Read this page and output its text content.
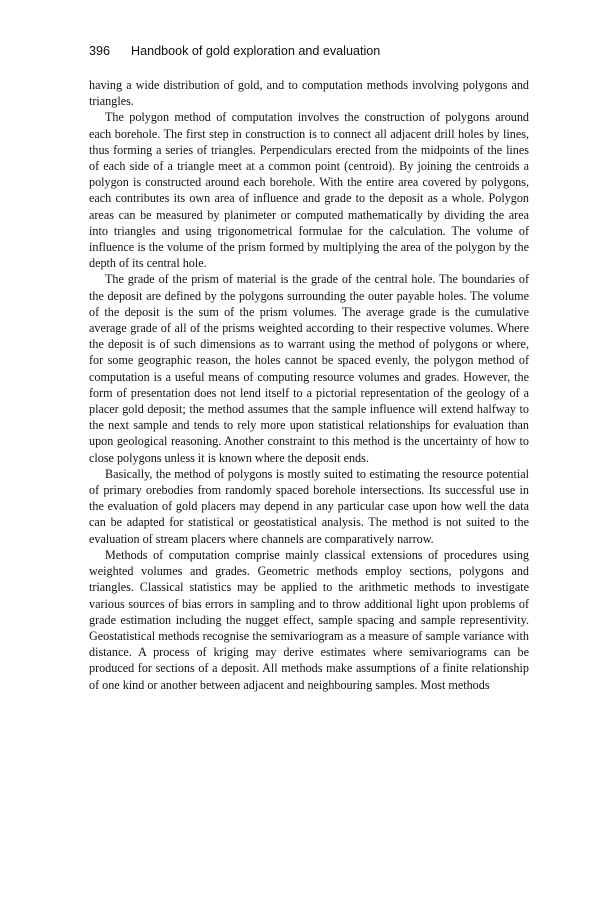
396 Handbook of gold exploration and evaluation

having a wide distribution of gold, and to computation methods involving polygons and triangles.

The polygon method of computation involves the construction of polygons around each borehole. The first step in construction is to connect all adjacent drill holes by lines, thus forming a series of triangles. Perpendiculars erected from the midpoints of the lines of each side of a triangle meet at a common point (centroid). By joining the centroids a polygon is constructed around each borehole. With the entire area covered by polygons, each contributes its own area of influence and grade to the deposit as a whole. Polygon areas can be measured by planimeter or computed mathematically by dividing the area into triangles and using trigonometrical formulae for the calculation. The volume of influence is the volume of the prism formed by multiplying the area of the polygon by the depth of its central hole.

The grade of the prism of material is the grade of the central hole. The boundaries of the deposit are defined by the polygons surrounding the outer payable holes. The volume of the deposit is the sum of the prism volumes. The average grade is the cumulative average grade of all of the prisms weighted according to their respective volumes. Where the deposit is of such dimensions as to warrant using the method of polygons or where, for some geographic reason, the holes cannot be spaced evenly, the polygon method of computation is a useful means of computing resource volumes and grades. However, the form of presentation does not lend itself to a pictorial representation of the geology of a placer gold deposit; the method assumes that the sample influence will extend halfway to the next sample and tends to rely more upon statistical relationships for evaluation than upon geological reasoning. Another constraint to this method is the uncertainty of how to close polygons unless it is known where the deposit ends.

Basically, the method of polygons is mostly suited to estimating the resource potential of primary orebodies from randomly spaced borehole intersections. Its successful use in the evaluation of gold placers may depend in any particular case upon how well the data can be adapted for statistical or geostatistical analysis. The method is not suited to the evaluation of stream placers where channels are comparatively narrow.

Methods of computation comprise mainly classical extensions of procedures using weighted volumes and grades. Geometric methods employ sections, polygons and triangles. Classical statistics may be applied to the arithmetic methods to investigate various sources of bias errors in sampling and to throw additional light upon problems of grade estimation including the nugget effect, sample spacing and sample representivity. Geostatistical methods recognise the semivariogram as a measure of sample variance with distance. A process of kriging may derive estimates where semivariograms can be produced for sections of a deposit. All methods make assumptions of a finite relationship of one kind or another between adjacent and neighbouring samples. Most methods
